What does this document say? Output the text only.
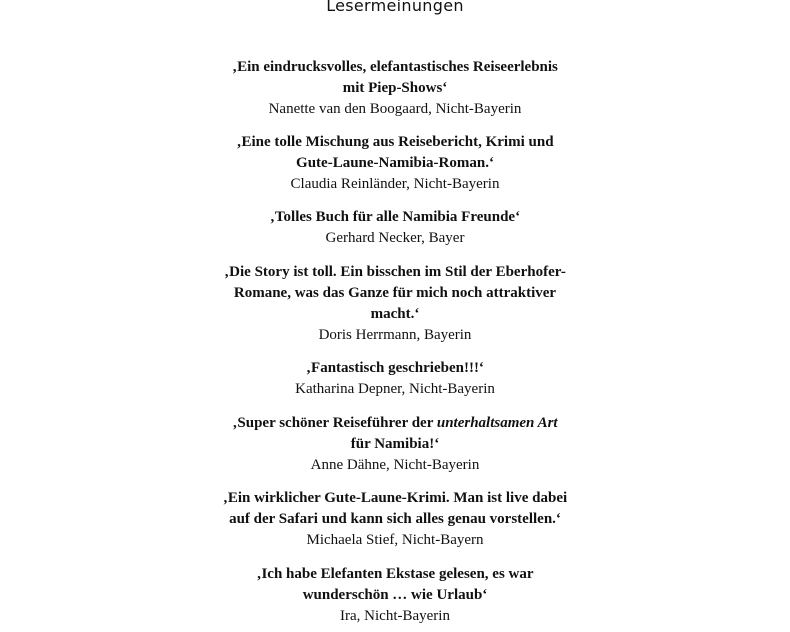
Lesermeinungen
‚Ein eindrucksvolles, elefantastisches Reiseerlebnis
mit Piep-Shows‘
Nanette van den Boogaard, Nicht-Bayerin
‚Eine tolle Mischung aus Reisebericht, Krimi und
Gute-Laune-Namibia-Roman.‘
Claudia Reinländer, Nicht-Bayerin
‚Tolles Buch für alle Namibia Freunde‘
Gerhard Necker, Bayer
‚Die Story ist toll. Ein bisschen im Stil der Eberhofer-
Romane, was das Ganze für mich noch attraktiver
macht.‘
Doris Herrmann, Bayerin
‚Fantastisch geschrieben!!!‘
Katharina Depner, Nicht-Bayerin
‚Super schöner Reiseführer der unterhaltsamen Art
für Namibia!‘
Anne Dähne, Nicht-Bayerin
‚Ein wirklicher Gute-Laune-Krimi. Man ist live dabei
auf der Safari und kann sich alles genau vorstellen.‘
Michaela Stief, Nicht-Bayern
‚Ich habe Elefanten Ekstase gelesen, es war
wunderschön … wie Urlaub‘
Ira, Nicht-Bayerin
